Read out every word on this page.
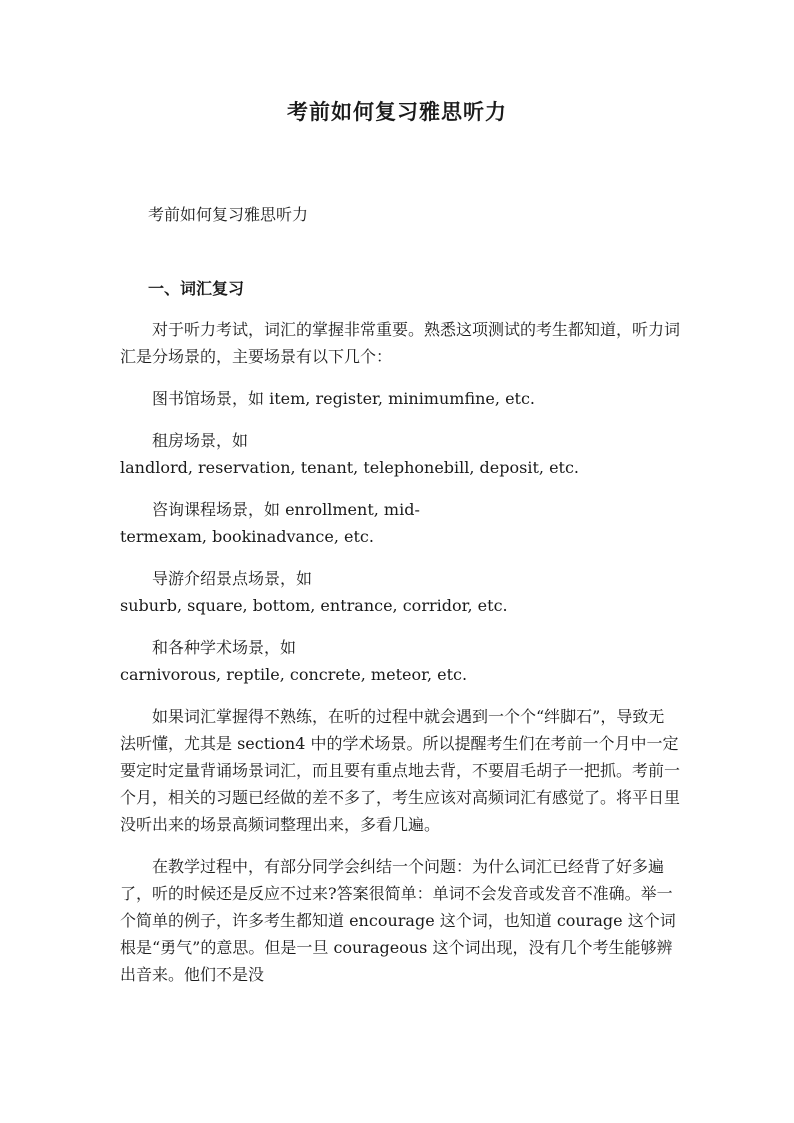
考前如何复习雅思听力

考前如何复习雅思听力

一、词汇复习

对于听力考试，词汇的掌握非常重要。熟悉这项测试的考生都知道，听力词汇是分场景的，主要场景有以下几个：

图书馆场景，如 item, register, minimumfine, etc.

租房场景，如
landlord, reservation, tenant, telephonebill, deposit, etc.

咨询课程场景，如 enrollment, mid-
termexam, bookinadvance, etc.

导游介绍景点场景，如
suburb, square, bottom, entrance, corridor, etc.

和各种学术场景，如
carnivorous, reptile, concrete, meteor, etc.

如果词汇掌握得不熟练，在听的过程中就会遇到一个个“绊脚石”，导致无法听懂，尤其是 section4 中的学术场景。所以提醒考生们在考前一个月中一定要定时定量背诵场景词汇，而且要有重点地去背，不要眉毛胡子一把抓。考前一个月，相关的习题已经做的差不多了，考生应该对高频词汇有感觉了。将平日里没听出来的场景高频词整理出来，多看几遍。

在教学过程中，有部分同学会纠结一个问题：为什么词汇已经背了好多遍了，听的时候还是反应不过来?答案很简单：单词不会发音或发音不准确。举一个简单的例子，许多考生都知道 encourage 这个词，也知道 courage 这个词根是“勇气”的意思。但是一旦 courageous 这个词出现，没有几个考生能够辨出音来。他们不是没
